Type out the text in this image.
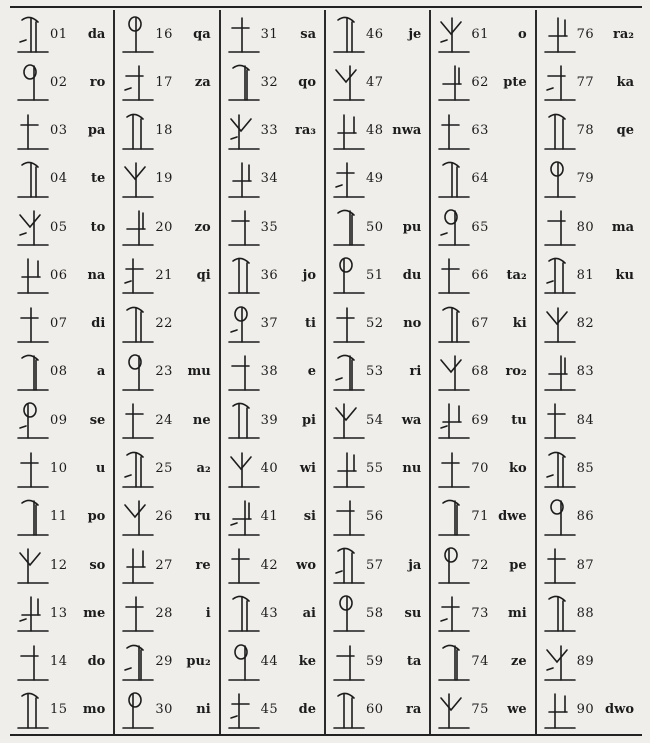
01	da
02	ro
03	pa
04	te
05	to
06	na
07	di
08	a
09	se
10	u
11	po
12	so
13	me
14	do
15	mo
16	qa
17	za
18
19
20	zo
21	qi
22
23	mu
24	ne
25	a₂
26	ru
27	re
28	i
29	pu₂
30	ni
31	sa
32	qo
33	ra₃
34
35
36	jo
37	ti
38	e
39	pi
40	wi
41	si
42	wo
43	ai
44	ke
45	de
46	je
47
48 nwa
49
50	pu
51	du
52	no
53	ri
54	wa
55	nu
56
57	ja
58	su
59	ta
60	ra
61	o
62	pte
63
64
65
66	ta₂
67	ki
68	ro₂
69	tu
70	ko
71 dwe
72	pe
73	mi
74	ze
75	we
76	ra₂
77	ka
78	qe
79
80	ma
81	ku
82
83
84
85
86
87
88
89
90 dwo
